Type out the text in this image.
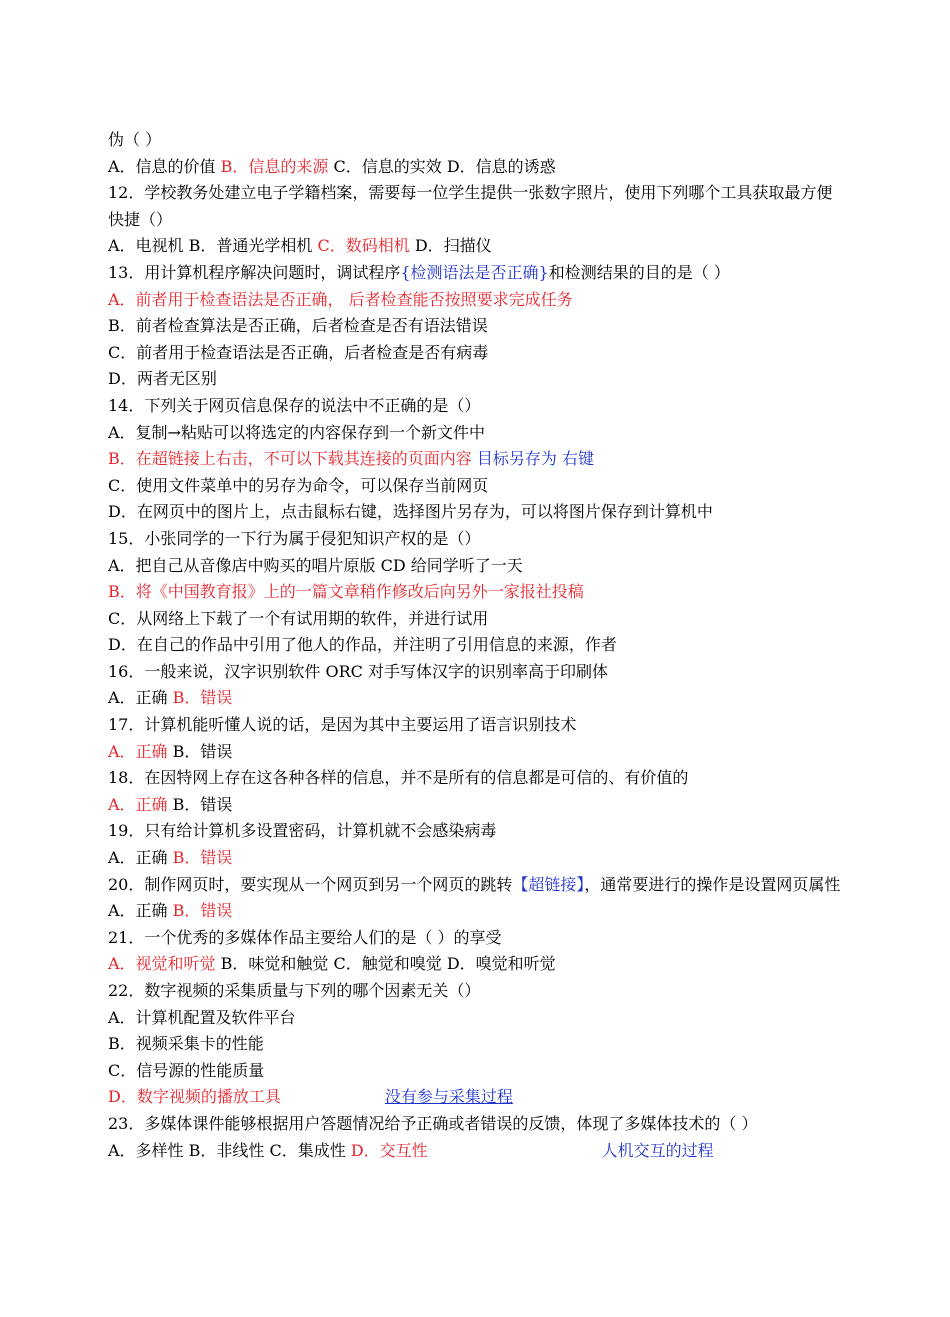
伪（ ）
A．信息的价值 B．信息的来源 C．信息的实效 D．信息的诱惑
12．学校教务处建立电子学籍档案，需要每一位学生提供一张数字照片，使用下列哪个工具获取最方便快捷（）
A．电视机 B．普通光学相机 C．数码相机 D．扫描仪
13．用计算机程序解决问题时，调试程序{检测语法是否正确}和检测结果的目的是（ ）
A．前者用于检查语法是否正确， 后者检查能否按照要求完成任务
B．前者检查算法是否正确，后者检查是否有语法错误
C．前者用于检查语法是否正确，后者检查是否有病毒
D．两者无区别
14．下列关于网页信息保存的说法中不正确的是（）
A．复制→粘贴可以将选定的内容保存到一个新文件中
B．在超链接上右击，不可以下载其连接的页面内容 目标另存为 右键
C．使用文件菜单中的另存为命令，可以保存当前网页
D．在网页中的图片上，点击鼠标右键，选择图片另存为，可以将图片保存到计算机中
15．小张同学的一下行为属于侵犯知识产权的是（）
A．把自己从音像店中购买的唱片原版 CD 给同学听了一天
B．将《中国教育报》上的一篇文章稍作修改后向另外一家报社投稿
C．从网络上下载了一个有试用期的软件，并进行试用
D．在自己的作品中引用了他人的作品，并注明了引用信息的来源，作者
16．一般来说，汉字识别软件 ORC 对手写体汉字的识别率高于印刷体
A．正确 B．错误
17．计算机能听懂人说的话，是因为其中主要运用了语言识别技术
A．正确 B．错误
18．在因特网上存在这各种各样的信息，并不是所有的信息都是可信的、有价值的
A．正确 B．错误
19．只有给计算机多设置密码，计算机就不会感染病毒
A．正确 B．错误
20．制作网页时，要实现从一个网页到另一个网页的跳转【超链接】，通常要进行的操作是设置网页属性
A．正确 B．错误
21．一个优秀的多媒体作品主要给人们的是（ ）的享受
A．视觉和听觉 B．味觉和触觉 C．触觉和嗅觉 D．嗅觉和听觉
22．数字视频的采集质量与下列的哪个因素无关（）
A．计算机配置及软件平台
B．视频采集卡的性能
C．信号源的性能质量
D．数字视频的播放工具	没有参与采集过程
23．多媒体课件能够根据用户答题情况给予正确或者错误的反馈，体现了多媒体技术的（ ）
A．多样性 B．非线性 C．集成性 D．交互性	人机交互的过程
